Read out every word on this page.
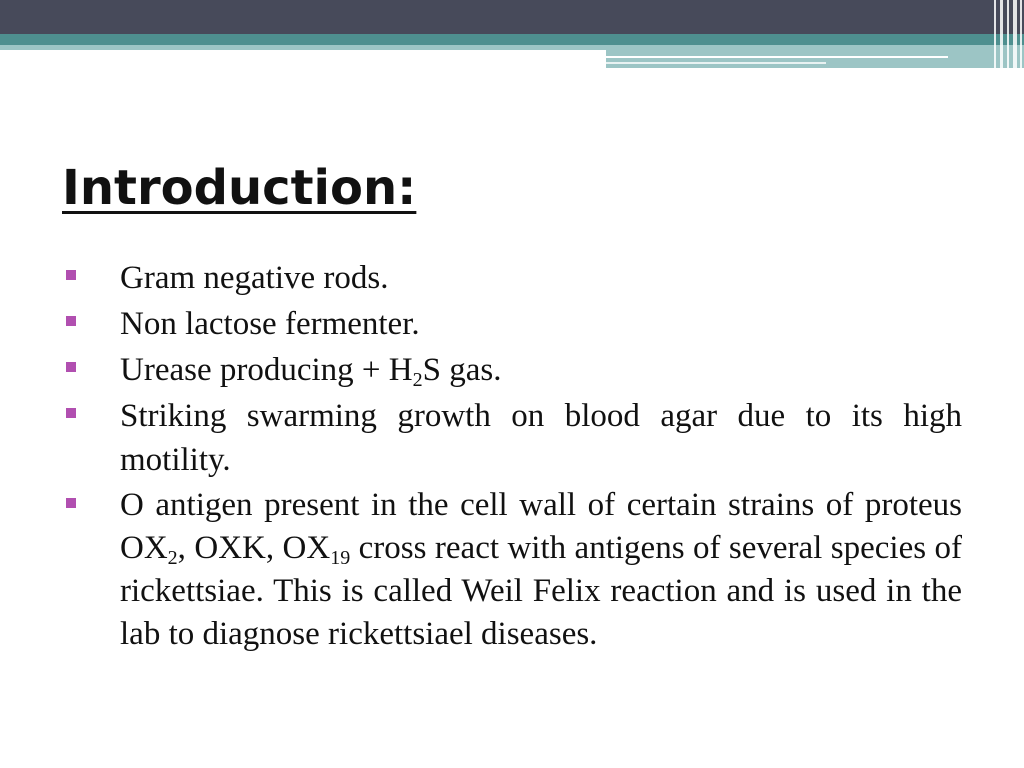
Introduction:
Gram negative rods.
Non lactose fermenter.
Urease producing + $H_2S$ gas.
Striking swarming growth on blood agar due to its high motility.
O antigen present in the cell wall of certain strains of proteus $OX_2$, OXK, $OX_{19}$ cross react with antigens of several species of rickettsiae. This is called Weil Felix reaction and is used in the lab to diagnose rickettsiael diseases.
